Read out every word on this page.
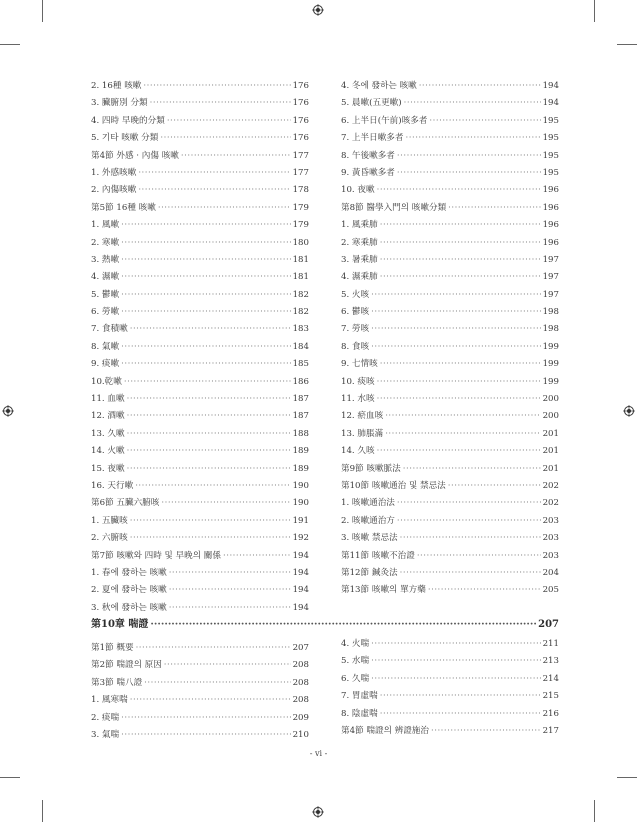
2. 16種 咳嗽 ·····	176
3. 臟腑別 分類 ·····	176
4. 四時 早晚的分類 ·····	176
5. 기타 咳嗽 分類 ·····	176
第4節 外感 · 內傷 咳嗽 ·····	177
1. 外感咳嗽 ·····	177
2. 內傷咳嗽 ·····	178
第5節 16種 咳嗽 ·····	179
1. 風嗽 ·····	179
2. 寒嗽 ·····	180
3. 熱嗽 ·····	181
4. 濕嗽 ·····	181
5. 鬱嗽 ·····	182
6. 勞嗽 ·····	182
7. 食積嗽 ·····	183
8. 氣嗽 ·····	184
9. 痰嗽 ·····	185
10.乾嗽 ·····	186
11. 血嗽 ·····	187
12. 酒嗽 ·····	187
13. 久嗽 ·····	188
14. 火嗽 ·····	189
15. 夜嗽 ·····	189
16. 天行嗽 ·····	190
第6節 五臟六腑咳 ·····	190
1. 五臟咳 ·····	191
2. 六腑咳 ·····	192
第7節 咳嗽와 四時 및 早晚의 關係 ·····	194
1. 春에 發하는 咳嗽 ·····	194
2. 夏에 發하는 咳嗽 ·····	194
3. 秋에 發하는 咳嗽 ·····	194
4. 冬에 發하는 咳嗽 ·····	194
5. 晨嗽(五更嗽) ·····	194
6. 上半日(午前)咳多者 ·····	195
7. 上半日嗽多者 ·····	195
8. 午後嗽多者 ·····	195
9. 黃昏嗽多者 ·····	195
10. 夜嗽 ·····	196
第8節 醫學入門의 咳嗽分類 ·····	196
1. 風乘肺 ·····	196
2. 寒乘肺 ·····	196
3. 暑乘肺 ·····	197
4. 濕乘肺 ·····	197
5. 火咳 ·····	197
6. 鬱咳 ·····	198
7. 勞咳 ·····	198
8. 食咳 ·····	199
9. 七情咳 ·····	199
10. 痰咳 ·····	199
11. 水咳 ·····	200
12. 瘀血咳 ·····	200
13. 肺脹滿 ·····	201
14. 久咳 ·····	201
第9節 咳嗽脈法 ·····	201
第10節 咳嗽通治 및 禁忌法 ·····	202
1. 咳嗽通治法 ·····	202
2. 咳嗽通治方 ·····	203
3. 咳嗽 禁忌法 ·····	203
第11節 咳嗽不治證 ·····	203
第12節 鍼灸法 ·····	204
第13節 咳嗽의 單方藥 ·····	205
第10章 喘證 ·····	207
第1節 概要 ·····	207
第2節 喘證의 原因 ·····	208
第3節 喘八證 ·····	208
1. 風寒喘 ·····	208
2. 痰喘 ·····	209
3. 氣喘 ·····	210
4. 火喘 ·····	211
5. 水喘 ·····	213
6. 久喘 ·····	214
7. 胃虛喘 ·····	215
8. 陰虛喘 ·····	216
第4節 喘證의 辨證施治 ·····	217
- vi -
